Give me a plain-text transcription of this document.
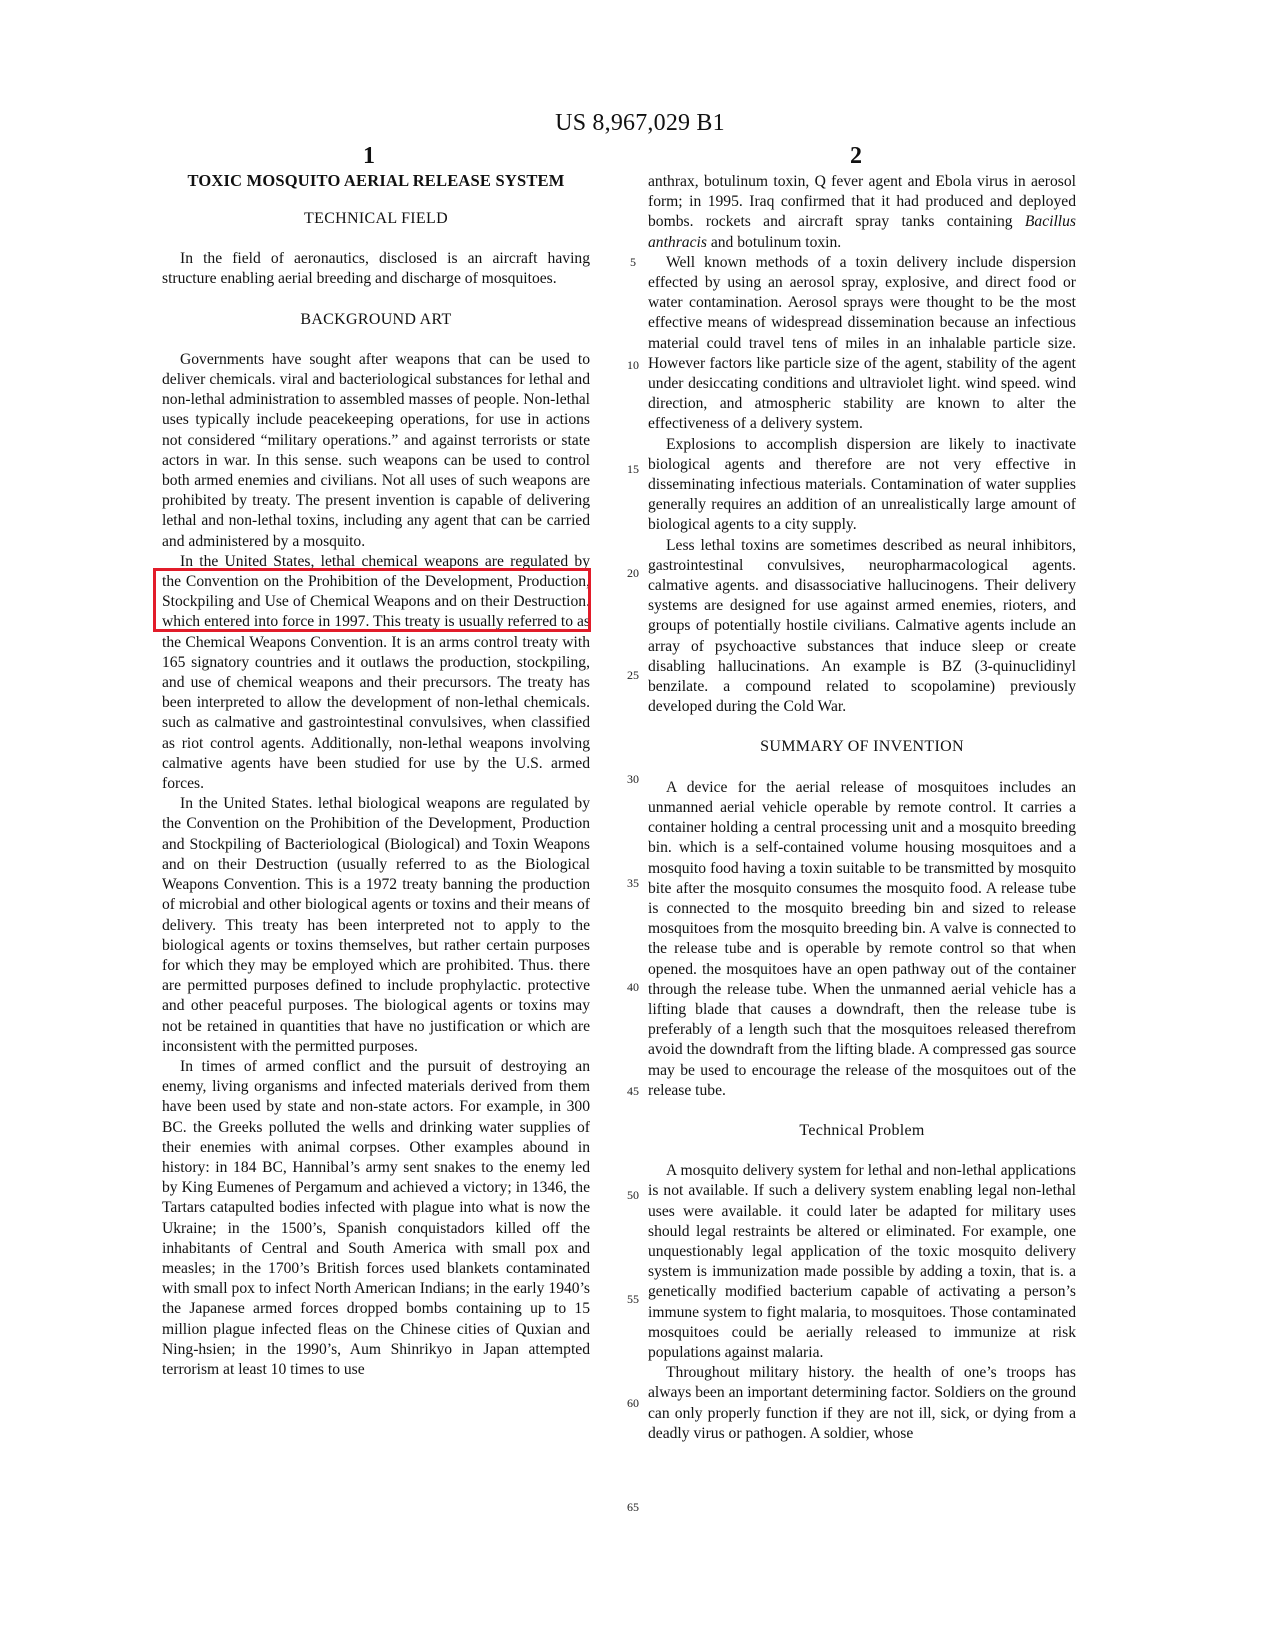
US 8,967,029 B1
1	2
TOXIC MOSQUITO AERIAL RELEASE SYSTEM
TECHNICAL FIELD

In the field of aeronautics, disclosed is an aircraft having structure enabling aerial breeding and discharge of mosquitoes.

BACKGROUND ART

Governments have sought after weapons that can be used to deliver chemicals. viral and bacteriological substances for lethal and non-lethal administration to assembled masses of people. Non-lethal uses typically include peacekeeping operations, for use in actions not considered “military operations.” and against terrorists or state actors in war. In this sense. such weapons can be used to control both armed enemies and civilians. Not all uses of such weapons are prohibited by treaty. The present invention is capable of delivering lethal and non-lethal toxins, including any agent that can be carried and administered by a mosquito.

In the United States, lethal chemical weapons are regulated by the Convention on the Prohibition of the Development, Production, Stockpiling and Use of Chemical Weapons and on their Destruction. which entered into force in 1997. This treaty is usually referred to as the Chemical Weapons Convention. It is an arms control treaty with 165 signatory countries and it outlaws the production, stockpiling, and use of chemical weapons and their precursors. The treaty has been interpreted to allow the development of non-lethal chemicals. such as calmative and gastrointestinal convulsives, when classified as riot control agents. Additionally, non-lethal weapons involving calmative agents have been studied for use by the U.S. armed forces.

In the United States. lethal biological weapons are regulated by the Convention on the Prohibition of the Development, Production and Stockpiling of Bacteriological (Biological) and Toxin Weapons and on their Destruction (usually referred to as the Biological Weapons Convention. This is a 1972 treaty banning the production of microbial and other biological agents or toxins and their means of delivery. This treaty has been interpreted not to apply to the biological agents or toxins themselves, but rather certain purposes for which they may be employed which are prohibited. Thus. there are permitted purposes defined to include prophylactic. protective and other peaceful purposes. The biological agents or toxins may not be retained in quantities that have no justification or which are inconsistent with the permitted purposes.

In times of armed conflict and the pursuit of destroying an enemy, living organisms and infected materials derived from them have been used by state and non-state actors. For example, in 300 BC. the Greeks polluted the wells and drinking water supplies of their enemies with animal corpses. Other examples abound in history: in 184 BC, Hannibal’s army sent snakes to the enemy led by King Eumenes of Pergamum and achieved a victory; in 1346, the Tartars catapulted bodies infected with plague into what is now the Ukraine; in the 1500’s, Spanish conquistadors killed off the inhabitants of Central and South America with small pox and measles; in the 1700’s British forces used blankets contaminated with small pox to infect North American Indians; in the early 1940’s the Japanese armed forces dropped bombs containing up to 15 million plague infected fleas on the Chinese cities of Quxian and Ning-hsien; in the 1990’s, Aum Shinrikyo in Japan attempted terrorism at least 10 times to use

anthrax, botulinum toxin, Q fever agent and Ebola virus in aerosol form; in 1995. Iraq confirmed that it had produced and deployed bombs. rockets and aircraft spray tanks containing Bacillus anthracis and botulinum toxin.

Well known methods of a toxin delivery include dispersion effected by using an aerosol spray, explosive, and direct food or water contamination. Aerosol sprays were thought to be the most effective means of widespread dissemination because an infectious material could travel tens of miles in an inhalable particle size. However factors like particle size of the agent, stability of the agent under desiccating conditions and ultraviolet light. wind speed. wind direction, and atmospheric stability are known to alter the effectiveness of a delivery system.

Explosions to accomplish dispersion are likely to inactivate biological agents and therefore are not very effective in disseminating infectious materials. Contamination of water supplies generally requires an addition of an unrealistically large amount of biological agents to a city supply.

Less lethal toxins are sometimes described as neural inhibitors, gastrointestinal convulsives, neuropharmacological agents. calmative agents. and disassociative hallucinogens. Their delivery systems are designed for use against armed enemies, rioters, and groups of potentially hostile civilians. Calmative agents include an array of psychoactive substances that induce sleep or create disabling hallucinations. An example is BZ (3-quinuclidinyl benzilate. a compound related to scopolamine) previously developed during the Cold War.

SUMMARY OF INVENTION

A device for the aerial release of mosquitoes includes an unmanned aerial vehicle operable by remote control. It carries a container holding a central processing unit and a mosquito breeding bin. which is a self-contained volume housing mosquitoes and a mosquito food having a toxin suitable to be transmitted by mosquito bite after the mosquito consumes the mosquito food. A release tube is connected to the mosquito breeding bin and sized to release mosquitoes from the mosquito breeding bin. A valve is connected to the release tube and is operable by remote control so that when opened. the mosquitoes have an open pathway out of the container through the release tube. When the unmanned aerial vehicle has a lifting blade that causes a downdraft, then the release tube is preferably of a length such that the mosquitoes released therefrom avoid the downdraft from the lifting blade. A compressed gas source may be used to encourage the release of the mosquitoes out of the release tube.

Technical Problem

A mosquito delivery system for lethal and non-lethal applications is not available. If such a delivery system enabling legal non-lethal uses were available. it could later be adapted for military uses should legal restraints be altered or eliminated. For example, one unquestionably legal application of the toxic mosquito delivery system is immunization made possible by adding a toxin, that is. a genetically modified bacterium capable of activating a person’s immune system to fight malaria, to mosquitoes. Those contaminated mosquitoes could be aerially released to immunize at risk populations against malaria.

Throughout military history. the health of one’s troops has always been an important determining factor. Soldiers on the ground can only properly function if they are not ill, sick, or dying from a deadly virus or pathogen. A soldier, whose

5
10
15
20
25
30
35
40
45
50
55
60
65
